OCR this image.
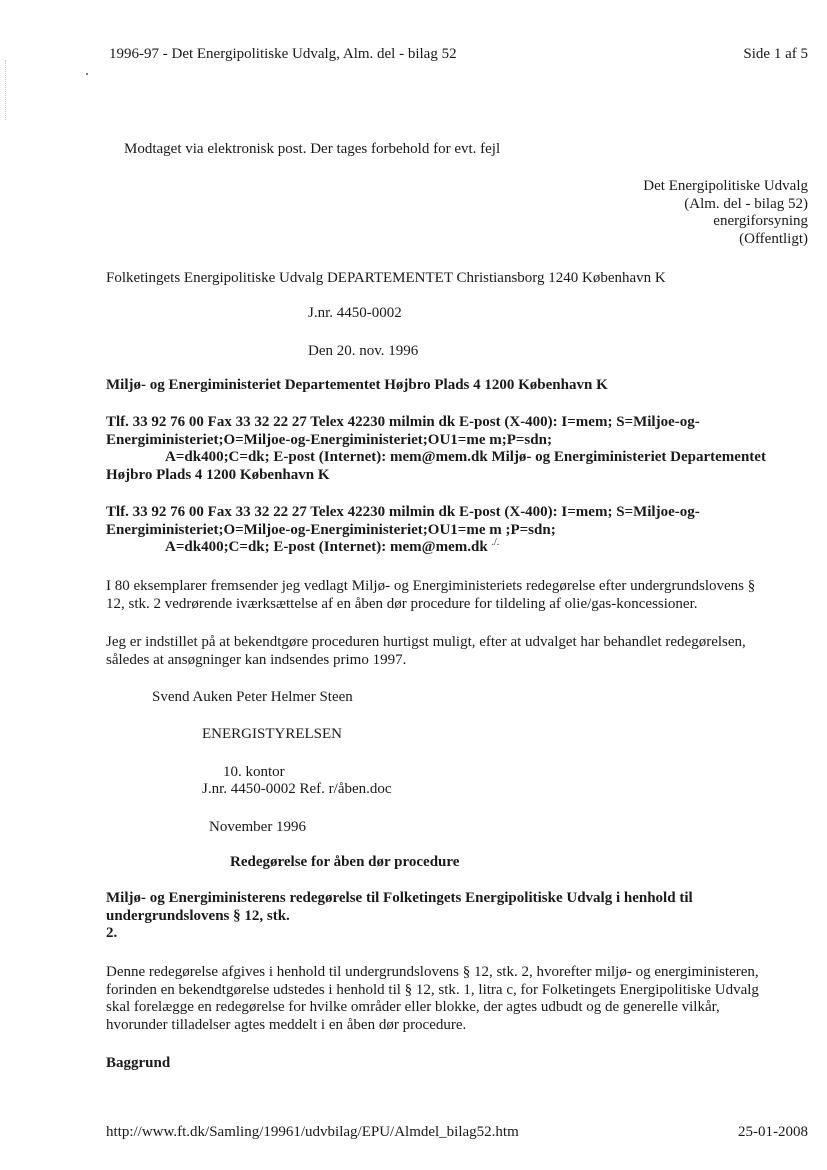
1996-97 - Det Energipolitiske Udvalg, Alm. del - bilag 52	Side 1 af 5
Modtaget via elektronisk post. Der tages forbehold for evt. fejl
Det Energipolitiske Udvalg
(Alm. del - bilag 52)
energiforsyning
(Offentligt)
Folketingets Energipolitiske Udvalg DEPARTEMENTET Christiansborg 1240 København K
J.nr. 4450-0002
Den 20. nov. 1996
Miljø- og Energiministeriet Departementet Højbro Plads 4 1200 København K
Tlf. 33 92 76 00 Fax 33 32 22 27 Telex 42230 milmin dk E-post (X-400): I=mem; S=Miljoe-og-
Energiministeriet;O=Miljoe-og-Energiministeriet;OU1=me m;P=sdn;
A=dk400;C=dk; E-post (Internet): mem@mem.dk Miljø- og Energiministeriet Departementet
Højbro Plads 4 1200 København K
Tlf. 33 92 76 00 Fax 33 32 22 27 Telex 42230 milmin dk E-post (X-400): I=mem; S=Miljoe-og-
Energiministeriet;O=Miljoe-og-Energiministeriet;OU1=me m ;P=sdn;
A=dk400;C=dk; E-post (Internet): mem@mem.dk ./.
I 80 eksemplarer fremsender jeg vedlagt Miljø- og Energiministeriets redegørelse efter undergrundslovens §
12, stk. 2 vedrørende iværksættelse af en åben dør procedure for tildeling af olie/gas-koncessioner.
Jeg er indstillet på at bekendtgøre proceduren hurtigst muligt, efter at udvalget har behandlet redegørelsen,
således at ansøgninger kan indsendes primo 1997.
Svend Auken Peter Helmer Steen
ENERGISTYRELSEN
10. kontor
J.nr. 4450-0002 Ref. r/åben.doc
November 1996
Redegørelse for åben dør procedure
Miljø- og Energiministerens redegørelse til Folketingets Energipolitiske Udvalg i henhold til
undergrundslovens § 12, stk.
2.
Denne redegørelse afgives i henhold til undergrundslovens § 12, stk. 2, hvorefter miljø- og energiministeren,
forinden en bekendtgørelse udstedes i henhold til § 12, stk. 1, litra c, for Folketingets Energipolitiske Udvalg
skal forelægge en redegørelse for hvilke områder eller blokke, der agtes udbudt og de generelle vilkår,
hvorunder tilladelser agtes meddelt i en åben dør procedure.
Baggrund
http://www.ft.dk/Samling/19961/udvbilag/EPU/Almdel_bilag52.htm	25-01-2008
